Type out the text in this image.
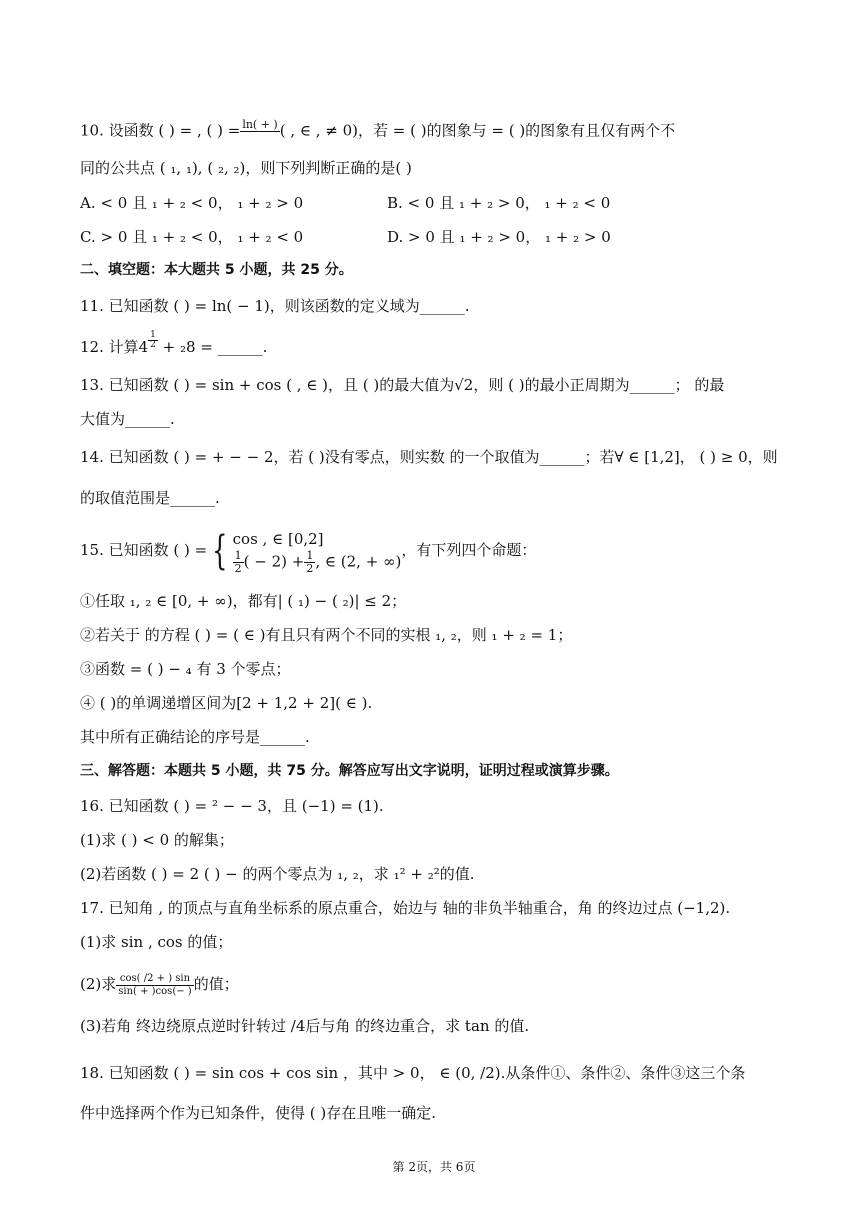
10. 设函数 ( ) = , ( ) = ln( + )
( , ∈ , ≠ 0)，若 = ( )的图象与 = ( )的图象有且仅有两个不
同的公共点 ( ₁, ₁), ( ₂, ₂)，则下列判断正确的是( )
A. < 0 且 ₁ + ₂ < 0， ₁ + ₂ > 0	B. < 0 且 ₁ + ₂ > 0， ₁ + ₂ < 0
C. > 0 且 ₁ + ₂ < 0， ₁ + ₂ < 0	D. > 0 且 ₁ + ₂ > 0， ₁ + ₂ > 0
二、填空题：本大题共 5 小题，共 25 分。
11. 已知函数 ( ) = ln( − 1)，则该函数的定义域为______.
12. 计算$4 \frac{1}{2} + _28$ = ______.
13. 已知函数 ( ) = sin + cos ( , ∈ )，且 ( )的最大值为√2，则 ( )的最小正周期为______； 的最
大值为______.
14. 已知函数 ( ) = + − − 2，若 ( )没有零点，则实数 的一个取值为______；若∀ ∈ [1,2]， ( ) ≥ 0，则
的取值范围是______.
15. 已知函数 ( ) = { cos , ∈ [0,2]
$\frac{1}{2}$ ( − $2) + \frac{1}{2}$ , ∈ (2, + ∞)
，有下列四个命题：
①任取 ₁, ₂ ∈ [0, + ∞)，都有| ( ₁) − ( ₂)| ≤ 2；
②若关于 的方程 ( ) = ( ∈ )有且只有两个不同的实根 ₁, ₂，则 ₁ + ₂ = 1；
③函数 = ( ) − ₄ 有 3 个零点；
④ ( )的单调递增区间为[2 + 1,2 + 2]( ∈ ).
其中所有正确结论的序号是______.
三、解答题：本题共 5 小题，共 75 分。解答应写出文字说明，证明过程或演算步骤。
16. 已知函数 ( ) = ² − − 3，且 (−1) = (1).
(1)求 ( ) < 0 的解集；
(2)若函数 ( ) = 2 ( ) − 的两个零点为 ₁, ₂，求 ₁² + ₂²的值.
17. 已知角 , 的顶点与直角坐标系的原点重合，始边与 轴的非负半轴重合，角 的终边过点 (−1,2).
(1)求 sin , cos 的值；
(2)求 $\frac{\cos( /2 + ) \sin}{\sin( + )\cos(- )}$ 的值；
(3)若角 终边绕原点逆时针转过 /4后与角 的终边重合，求 tan 的值.
18. 已知函数 ( ) = sin cos + cos sin ，其中 > 0， ∈ (0, /2).从条件①、条件②、条件③这三个条
件中选择两个作为已知条件，使得 ( )存在且唯一确定.
第 2页，共 6页
